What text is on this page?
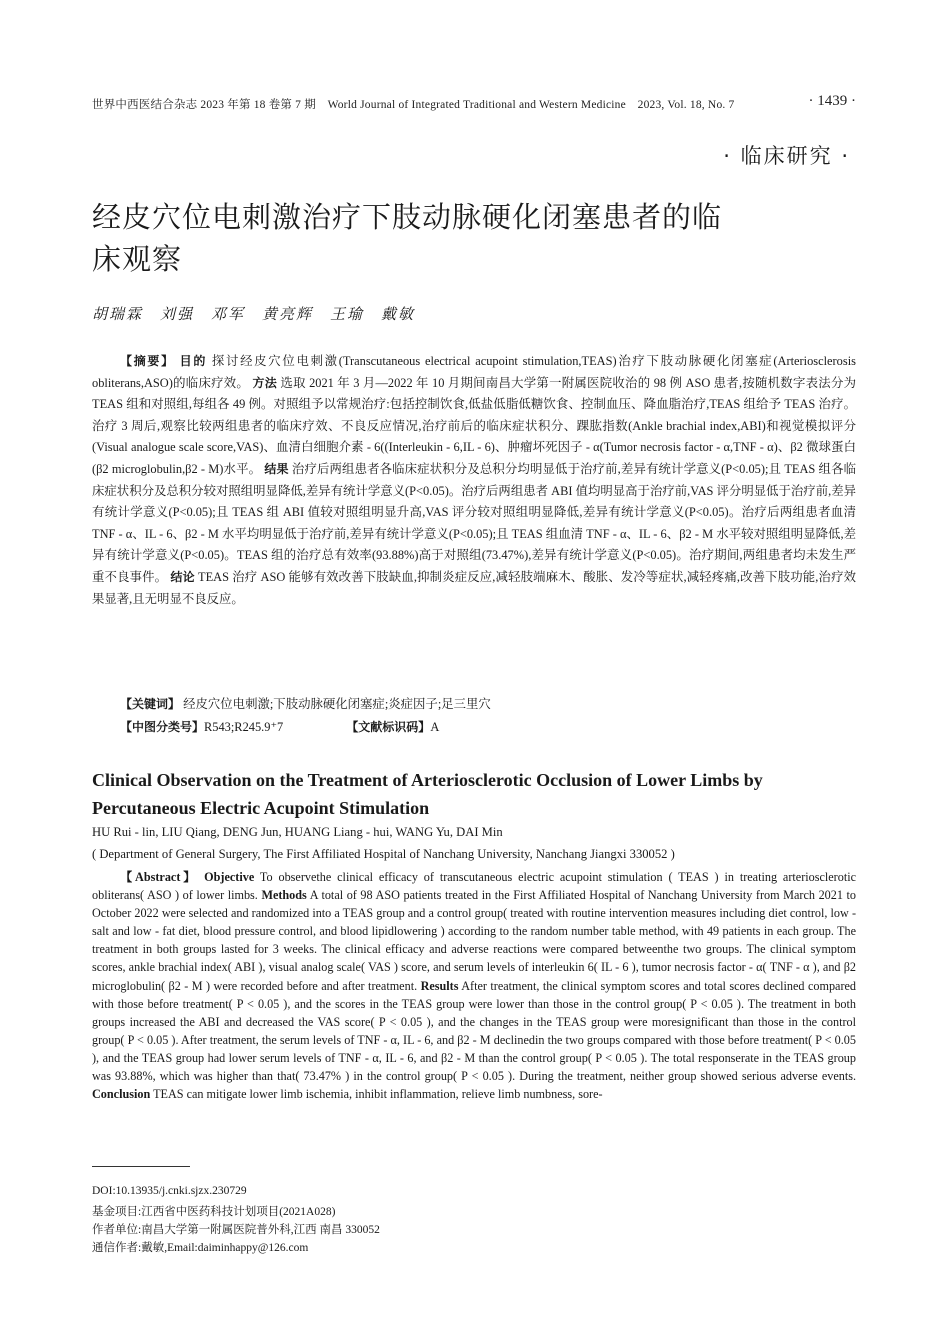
世界中西医结合杂志 2023 年第 18 卷第 7 期　World Journal of Integrated Traditional and Western Medicine　2023, Vol. 18, No. 7	· 1439 ·
· 临床研究 ·
经皮穴位电刺激治疗下肢动脉硬化闭塞患者的临床观察
胡瑞霖　刘强　邓军　黄亮辉　王瑜　戴敏
【摘要】 目的 探讨经皮穴位电刺激(Transcutaneous electrical acupoint stimulation,TEAS)治疗下肢动脉硬化闭塞症(Arteriosclerosis obliterans,ASO)的临床疗效。 方法 选取 2021 年 3 月—2022 年 10 月期间南昌大学第一附属医院收治的 98 例 ASO 患者,按随机数字表法分为 TEAS 组和对照组,每组各 49 例。对照组予以常规治疗:包括控制饮食,低盐低脂低糖饮食、控制血压、降血脂治疗,TEAS 组给予 TEAS 治疗。治疗 3 周后,观察比较两组患者的临床疗效、不良反应情况,治疗前后的临床症状积分、踝肱指数(Ankle brachial index,ABI)和视觉模拟评分(Visual analogue scale score,VAS)、血清白细胞介素 - 6((Interleukin - 6,IL - 6)、肿瘤坏死因子 - α(Tumor necrosis factor - α,TNF - α)、β2 微球蛋白(β2 microglobulin,β2 - M)水平。 结果 治疗后两组患者各临床症状积分及总积分均明显低于治疗前,差异有统计学意义(P<0.05);且 TEAS 组各临床症状积分及总积分较对照组明显降低,差异有统计学意义(P<0.05)。治疗后两组患者 ABI 值均明显高于治疗前,VAS 评分明显低于治疗前,差异有统计学意义(P<0.05);且 TEAS 组 ABI 值较对照组明显升高,VAS 评分较对照组明显降低,差异有统计学意义(P<0.05)。治疗后两组患者血清 TNF - α、IL - 6、β2 - M 水平均明显低于治疗前,差异有统计学意义(P<0.05);且 TEAS 组血清 TNF - α、IL - 6、β2 - M 水平较对照组明显降低,差异有统计学意义(P<0.05)。TEAS 组的治疗总有效率(93.88%)高于对照组(73.47%),差异有统计学意义(P<0.05)。治疗期间,两组患者均未发生严重不良事件。 结论 TEAS 治疗 ASO 能够有效改善下肢缺血,抑制炎症反应,减轻肢端麻木、酸胀、发冷等症状,减轻疼痛,改善下肢功能,治疗效果显著,且无明显不良反应。
【关键词】 经皮穴位电刺激;下肢动脉硬化闭塞症;炎症因子;足三里穴
【中图分类号】R543;R245.9⁺7	【文献标识码】A
Clinical Observation on the Treatment of Arteriosclerotic Occlusion of Lower Limbs by Percutaneous Electric Acupoint Stimulation
HU Rui - lin, LIU Qiang, DENG Jun, HUANG Liang - hui, WANG Yu, DAI Min
( Department of General Surgery, The First Affiliated Hospital of Nanchang University, Nanchang Jiangxi 330052 )
【Abstract】 Objective To observethe clinical efficacy of transcutaneous electric acupoint stimulation ( TEAS ) in treating arteriosclerotic obliterans( ASO ) of lower limbs. Methods A total of 98 ASO patients treated in the First Affiliated Hospital of Nanchang University from March 2021 to October 2022 were selected and randomized into a TEAS group and a control group( treated with routine intervention measures including diet control, low - salt and low - fat diet, blood pressure control, and blood lipidlowering ) according to the random number table method, with 49 patients in each group. The treatment in both groups lasted for 3 weeks. The clinical efficacy and adverse reactions were compared betweenthe two groups. The clinical symptom scores, ankle brachial index( ABI ), visual analog scale( VAS ) score, and serum levels of interleukin 6( IL - 6 ), tumor necrosis factor - α( TNF - α ), and β2 microglobulin( β2 - M ) were recorded before and after treatment. Results After treatment, the clinical symptom scores and total scores declined compared with those before treatment( P < 0.05 ), and the scores in the TEAS group were lower than those in the control group( P < 0.05 ). The treatment in both groups increased the ABI and decreased the VAS score( P < 0.05 ), and the changes in the TEAS group were moresignificant than those in the control group( P < 0.05 ). After treatment, the serum levels of TNF - α, IL - 6, and β2 - M declinedin the two groups compared with those before treatment( P < 0.05 ), and the TEAS group had lower serum levels of TNF - α, IL - 6, and β2 - M than the control group( P < 0.05 ). The total responserate in the TEAS group was 93.88%, which was higher than that( 73.47% ) in the control group( P < 0.05 ). During the treatment, neither group showed serious adverse events. Conclusion TEAS can mitigate lower limb ischemia, inhibit inflammation, relieve limb numbness, sore-
DOI:10.13935/j.cnki.sjzx.230729
基金项目:江西省中医药科技计划项目(2021A028)
作者单位:南昌大学第一附属医院普外科,江西 南昌 330052
通信作者:戴敏,Email:daiminhappy@126.com
